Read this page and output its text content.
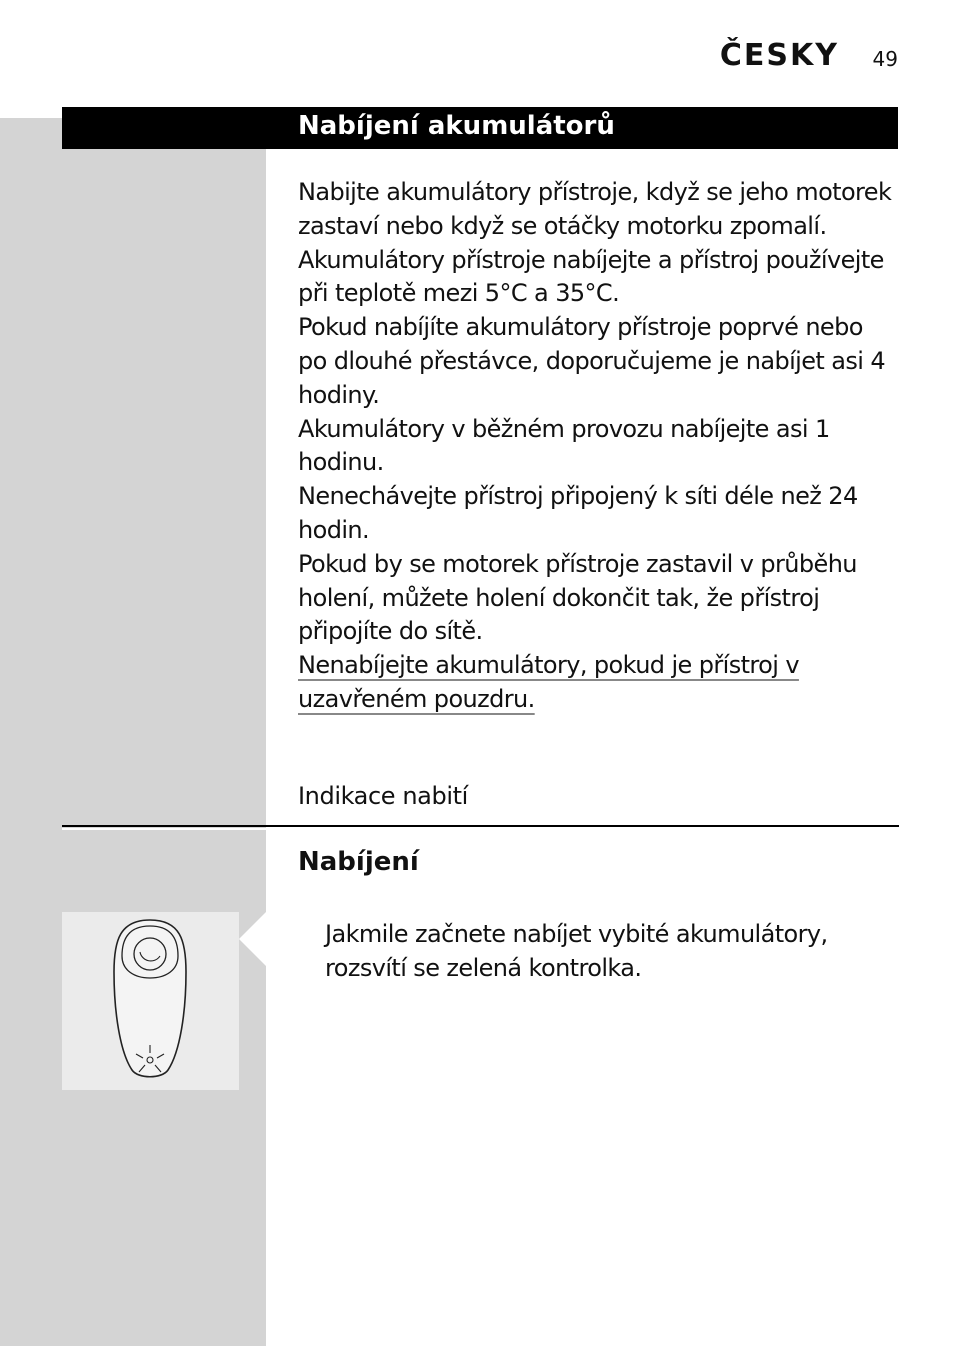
ČESKY 49
Nabíjení akumulátorů

Nabijte akumulátory přístroje, když se jeho motorek zastaví nebo když se otáčky motorku zpomalí.

Akumulátory přístroje nabíjejte a přístroj používejte při teplotě mezi 5°C a 35°C.

Pokud nabíjíte akumulátory přístroje poprvé nebo po dlouhé přestávce, doporučujeme je nabíjet asi 4 hodiny.

Akumulátory v běžném provozu nabíjejte asi 1 hodinu.

Nenechávejte přístroj připojený k síti déle než 24 hodin.

Pokud by se motorek přístroje zastavil v průběhu holení, můžete holení dokončit tak, že přístroj připojíte do sítě.

Nenabíjejte akumulátory, pokud je přístroj v uzavřeném pouzdru.

Indikace nabití
Nabíjení
Jakmile začnete nabíjet vybité akumulátory, rozsvítí se zelená kontrolka.
